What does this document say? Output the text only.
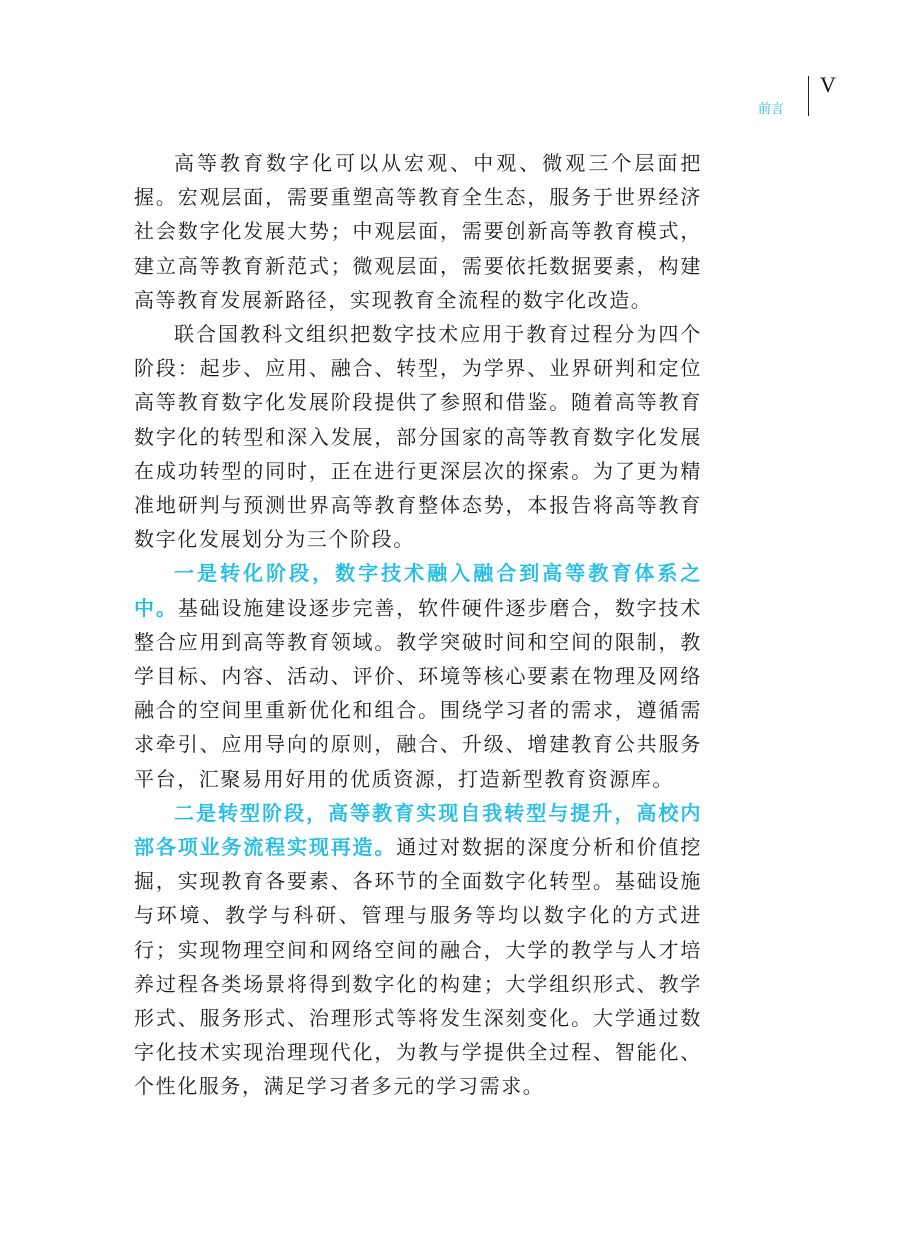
前言
V

高等教育数字化可以从宏观、中观、微观三个层面把握。宏观层面，需要重塑高等教育全生态，服务于世界经济社会数字化发展大势；中观层面，需要创新高等教育模式，建立高等教育新范式；微观层面，需要依托数据要素，构建高等教育发展新路径，实现教育全流程的数字化改造。

联合国教科文组织把数字技术应用于教育过程分为四个阶段：起步、应用、融合、转型，为学界、业界研判和定位高等教育数字化发展阶段提供了参照和借鉴。随着高等教育数字化的转型和深入发展，部分国家的高等教育数字化发展在成功转型的同时，正在进行更深层次的探索。为了更为精准地研判与预测世界高等教育整体态势，本报告将高等教育数字化发展划分为三个阶段。

一是转化阶段，数字技术融入融合到高等教育体系之中。基础设施建设逐步完善，软件硬件逐步磨合，数字技术整合应用到高等教育领域。教学突破时间和空间的限制，教学目标、内容、活动、评价、环境等核心要素在物理及网络融合的空间里重新优化和组合。围绕学习者的需求，遵循需求牵引、应用导向的原则，融合、升级、增建教育公共服务平台，汇聚易用好用的优质资源，打造新型教育资源库。

二是转型阶段，高等教育实现自我转型与提升，高校内部各项业务流程实现再造。通过对数据的深度分析和价值挖掘，实现教育各要素、各环节的全面数字化转型。基础设施与环境、教学与科研、管理与服务等均以数字化的方式进行；实现物理空间和网络空间的融合，大学的教学与人才培养过程各类场景将得到数字化的构建；大学组织形式、教学形式、服务形式、治理形式等将发生深刻变化。大学通过数字化技术实现治理现代化，为教与学提供全过程、智能化、个性化服务，满足学习者多元的学习需求。
